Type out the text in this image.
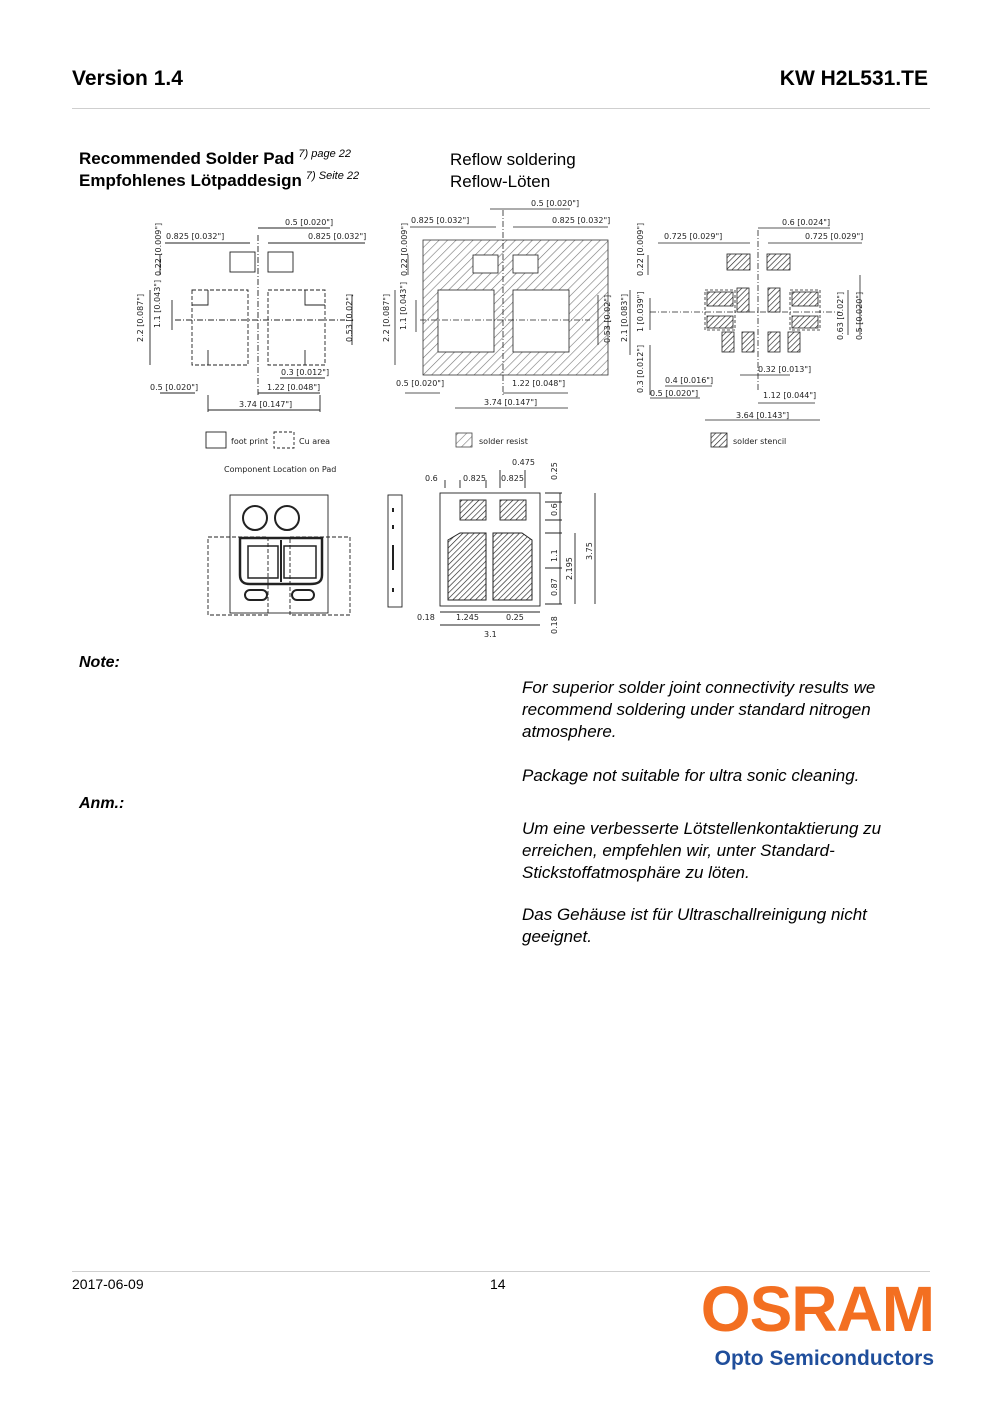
Version 1.4	KW H2L531.TE
Recommended Solder Pad $^{7) page 22}$
Empfohlenes Lötpaddesign $^{7) Seite 22}$
Reflow soldering
Reflow-Löten
0.5 [0.020"]
0.825 [0.032"]	0.825 [0.032"]
0.22 [0.009"]
2.2 [0.087"] 1.1 [0.043"]	0.53 [0.02"]
0.3 [0.012"]
0.5 [0.020"]	1.22 [0.048"]
3.74 [0.147"]
0.5 [0.020"]
0.825 [0.032"]	0.825 [0.032"]
0.22 [0.009"]
2.2 [0.087"] 1.1 [0.043"]	0.53 [0.02"]
0.5 [0.020"]	1.22 [0.048"]
3.74 [0.147"]
0.6 [0.024"]
0.725 [0.029"]	0.725 [0.029"]
0.22 [0.009"]
2.1 [0.083"] 1 [0.039"]
0.3 [0.012"]
0.63 [0.02"] 0.5 [0.020"]
0.32 [0.013"]
0.4 [0.016"]
0.5 [0.020"]	1.12 [0.044"]
3.64 [0.143"]
foot print	Cu area	solder resist	solder stencil
Component Location on Pad
0.475
0.6	0.825 0.825	0.25
0.6
1.1
2.195
3.75
0.87
0.18	1.245	0.25	0.18
3.1
Note:
For superior solder joint connectivity results we recommend soldering under standard nitrogen atmosphere.
Package not suitable for ultra sonic cleaning.
Anm.:
Um eine verbesserte Lötstellenkontaktierung zu erreichen, empfehlen wir, unter Standard-Stickstoffatmosphäre zu löten.
Das Gehäuse ist für Ultraschallreinigung nicht geeignet.
2017-06-09	14	OSRAM
Opto Semiconductors
